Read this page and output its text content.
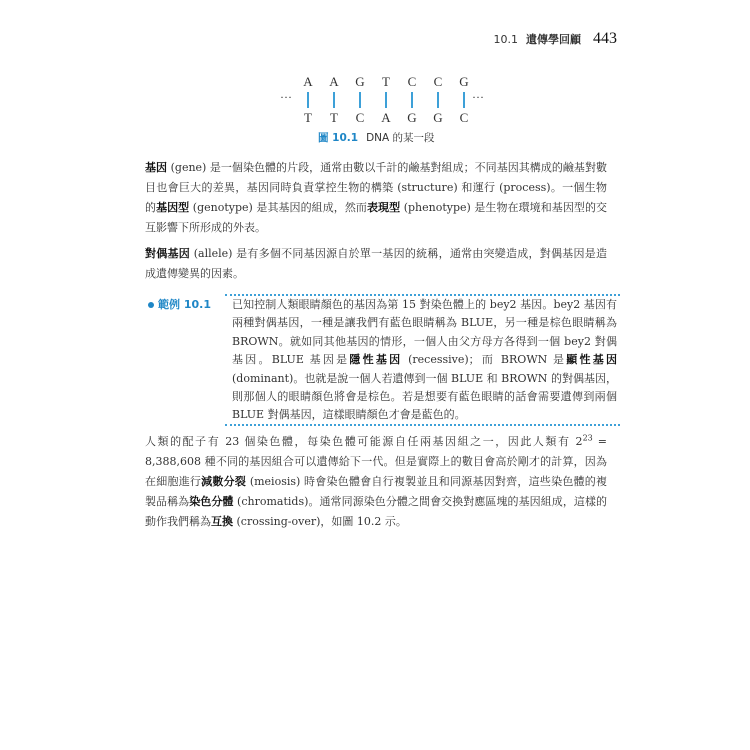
10.1 遺傳學回顧 443
A A G	T	C C G
···	···
T	T	C A G G C
圖 10.1 DNA 的某一段
基因 (gene) 是一個染色體的片段，通常由數以千計的鹼基對組成；不同基因其構成的鹼基對數目也會巨大的差異，基因同時負責掌控生物的構築 (structure) 和運行 (process)。一個生物的基因型 (genotype) 是其基因的組成，然而表現型 (phenotype) 是生物在環境和基因型的交互影響下所形成的外表。
對偶基因 (allele) 是有多個不同基因源自於單一基因的統稱，通常由突變造成，對偶基因是造成遺傳變異的因素。
範例 10.1 已知控制人類眼睛顏色的基因為第 15 對染色體上的 bey2 基因。bey2 基因有兩種對偶基因，一種是讓我們有藍色眼睛稱為 BLUE，另一種是棕色眼睛稱為 BROWN。就如同其他基因的情形，一個人由父方母方各得到一個 bey2 對偶基因。BLUE 基因是隱性基因 (recessive)；而 BROWN 是顯性基因 (dominant)。也就是說一個人若遺傳到一個 BLUE 和 BROWN 的對偶基因，則那個人的眼睛顏色將會是棕色。若是想要有藍色眼睛的話會需要遺傳到兩個 BLUE 對偶基因，這樣眼睛顏色才會是藍色的。
人類的配子有 23 個染色體，每染色體可能源自任兩基因組之一，因此人類有 $2^{23} = 8,388,608$ 種不同的基因組合可以遺傳給下一代。但是實際上的數目會高於剛才的計算，因為在細胞進行減數分裂 (meiosis) 時會染色體會自行複製並且和同源基因對齊，這些染色體的複製品稱為染色分體 (chromatids)。通常同源染色分體之間會交換對應區塊的基因組成，這樣的動作我們稱為互換 (crossing-over)，如圖 10.2 示。
